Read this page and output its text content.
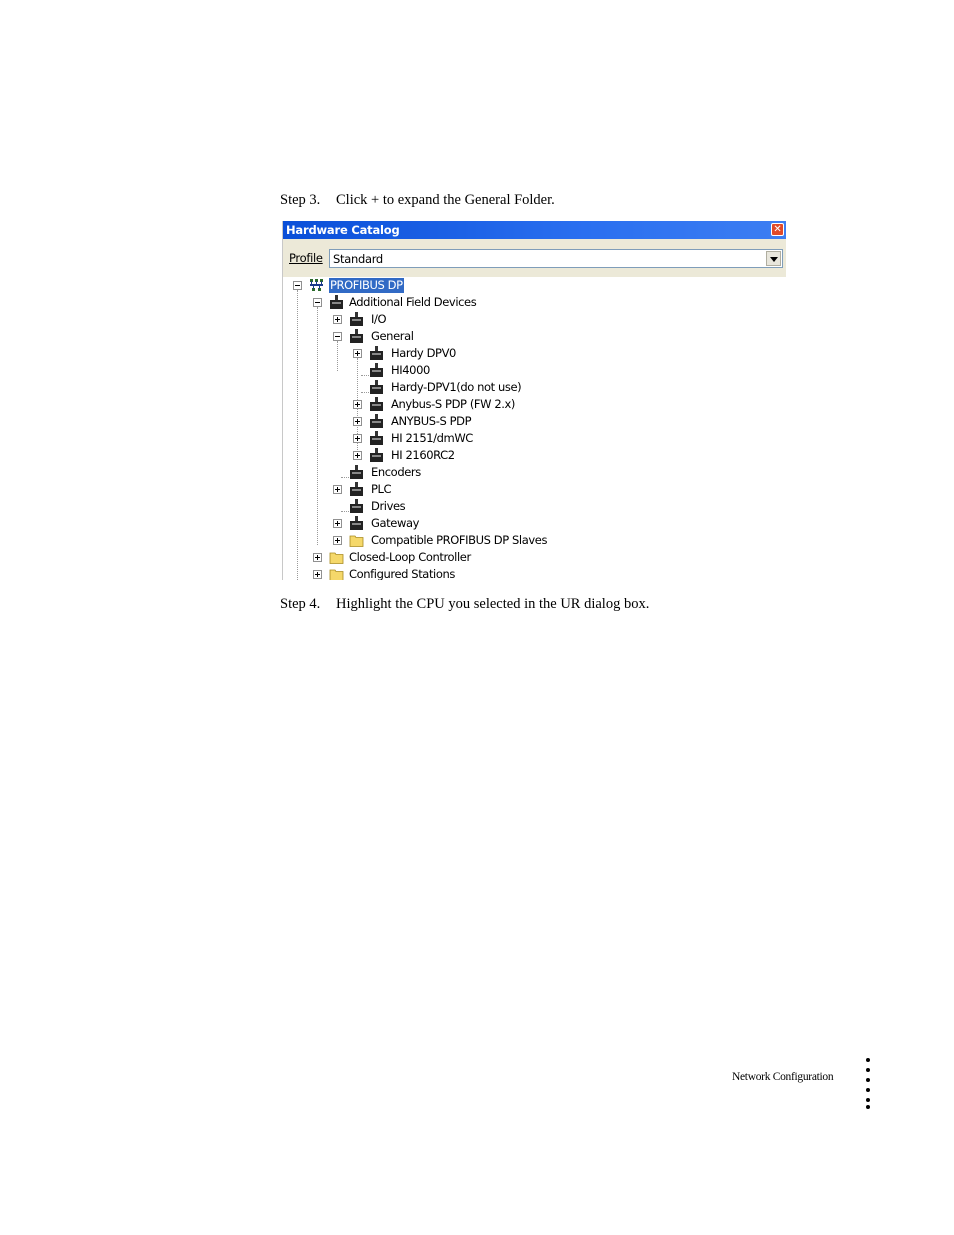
Step 3. Click + to expand the General Folder.
Hardware Catalog	✕
Profile Standard
PROFIBUS DP
Additional Field Devices
I/O
General
Hardy DPV0
HI4000
Hardy-DPV1(do not use)
Anybus-S PDP (FW 2.x)
ANYBUS-S PDP
HI 2151/dmWC
HI 2160RC2
Encoders
PLC
Drives
Gateway
Compatible PROFIBUS DP Slaves
Closed-Loop Controller
Configured Stations
Step 4. Highlight the CPU you selected in the UR dialog box.
Network Configuration
